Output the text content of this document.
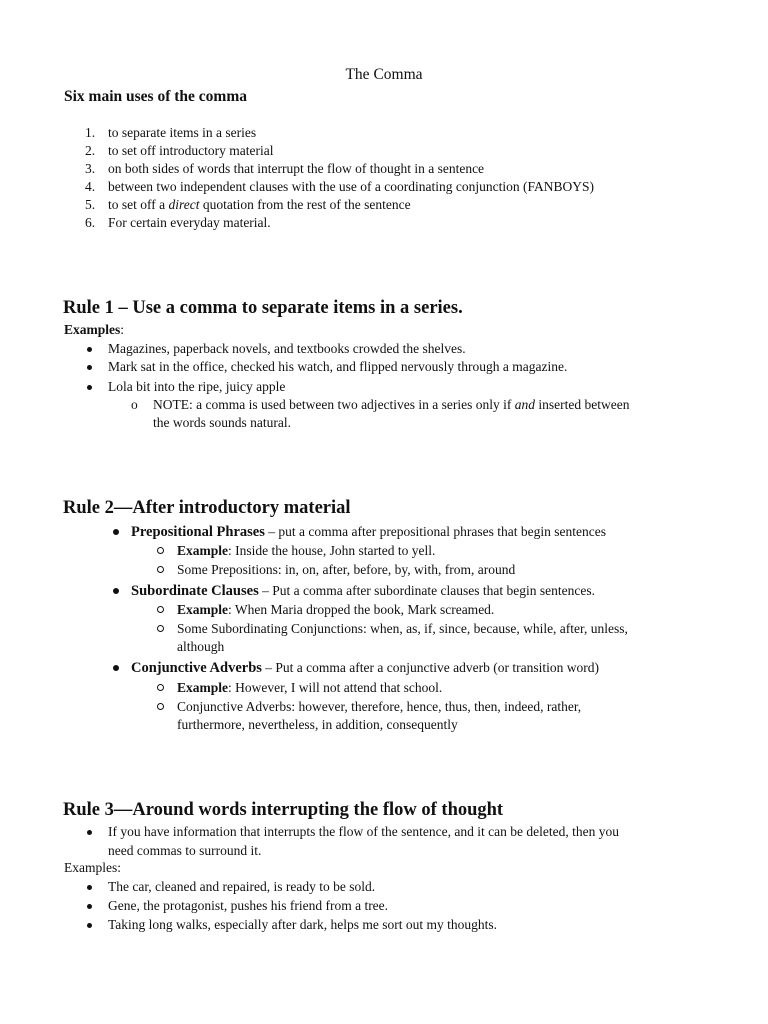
The Comma
Six main uses of the comma
1. to separate items in a series
2. to set off introductory material
3. on both sides of words that interrupt the flow of thought in a sentence
4. between two independent clauses with the use of a coordinating conjunction (FANBOYS)
5. to set off a direct quotation from the rest of the sentence
6. For certain everyday material.
Rule 1 – Use a comma to separate items in a series.
Examples:
Magazines, paperback novels, and textbooks crowded the shelves.
Mark sat in the office, checked his watch, and flipped nervously through a magazine.
Lola bit into the ripe, juicy apple
o NOTE: a comma is used between two adjectives in a series only if and inserted between
the words sounds natural.
Rule 2—After introductory material
Prepositional Phrases – put a comma after prepositional phrases that begin sentences
Example: Inside the house, John started to yell.
Some Prepositions: in, on, after, before, by, with, from, around
Subordinate Clauses – Put a comma after subordinate clauses that begin sentences.
Example: When Maria dropped the book, Mark screamed.
Some Subordinating Conjunctions: when, as, if, since, because, while, after, unless,
although
Conjunctive Adverbs – Put a comma after a conjunctive adverb (or transition word)
Example: However, I will not attend that school.
Conjunctive Adverbs: however, therefore, hence, thus, then, indeed, rather,
furthermore, nevertheless, in addition, consequently
Rule 3—Around words interrupting the flow of thought
If you have information that interrupts the flow of the sentence, and it can be deleted, then you
need commas to surround it.
Examples:
The car, cleaned and repaired, is ready to be sold.
Gene, the protagonist, pushes his friend from a tree.
Taking long walks, especially after dark, helps me sort out my thoughts.
